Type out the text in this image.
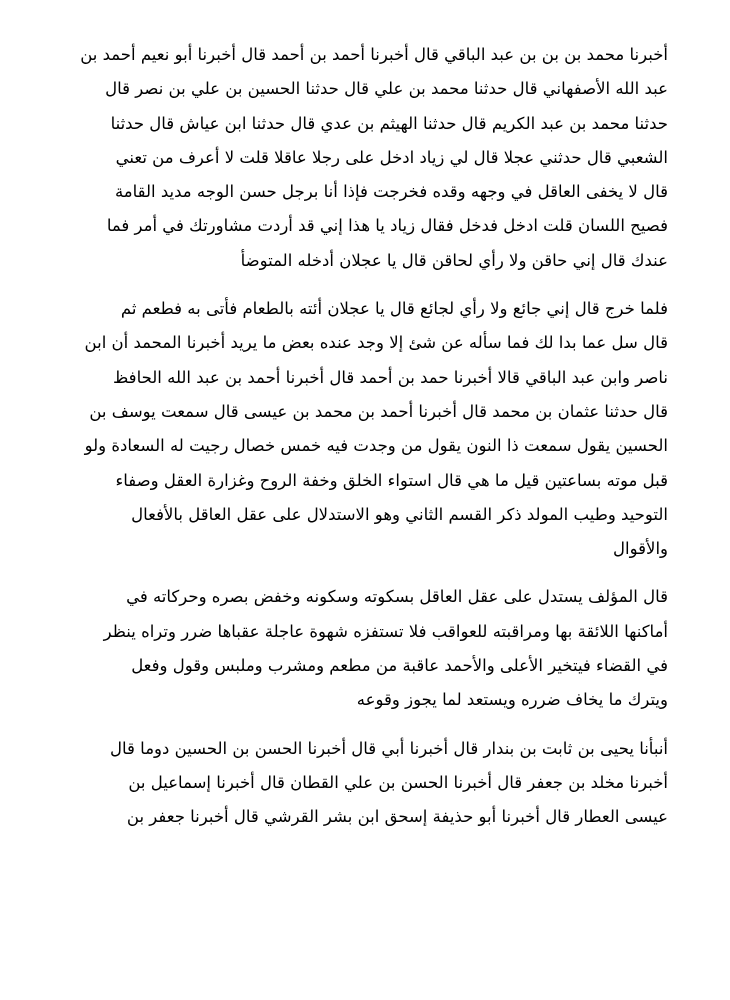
أخبرنا محمد بن بن بن عبد الباقي قال أخبرنا أحمد بن أحمد قال أخبرنا أبو نعيم أحمد بن
عبد الله الأصفهاني قال حدثنا محمد بن علي قال حدثنا الحسين بن علي بن نصر قال
حدثنا محمد بن عبد الكريم قال حدثنا الهيثم بن عدي قال حدثنا ابن عياش قال حدثنا
الشعبي قال حدثني عجلا قال لي زياد ادخل على رجلا عاقلا قلت لا أعرف من تعني
قال لا يخفى العاقل في وجهه وقده فخرجت فإذا أنا برجل حسن الوجه مديد القامة
فصيح اللسان قلت ادخل فدخل فقال زياد يا هذا إني قد أردت مشاورتك في أمر فما
عندك قال إني حاقن ولا رأي لحاقن قال يا عجلان أدخله المتوضأ

فلما خرج قال إني جائع ولا رأي لجائع قال يا عجلان أئته بالطعام فأتى به فطعم ثم
قال سل عما بدا لك فما سأله عن شئ إلا وجد عنده بعض ما يريد أخبرنا المحمد أن ابن
ناصر وابن عبد الباقي قالا أخبرنا حمد بن أحمد قال أخبرنا أحمد بن عبد الله الحافظ
قال حدثنا عثمان بن محمد قال أخبرنا أحمد بن محمد بن عيسى قال سمعت يوسف بن
الحسين يقول سمعت ذا النون يقول من وجدت فيه خمس خصال رجيت له السعادة ولو
قبل موته بساعتين قيل ما هي قال استواء الخلق وخفة الروح وغزارة العقل وصفاء
التوحيد وطيب المولد ذكر القسم الثاني وهو الاستدلال على عقل العاقل بالأفعال
والأقوال

قال المؤلف يستدل على عقل العاقل بسكوته وسكونه وخفض بصره وحركاته في
أماكنها اللائقة بها ومراقبته للعواقب فلا تستفزه شهوة عاجلة عقباها ضرر وتراه ينظر
في القضاء فيتخير الأعلى والأحمد عاقبة من مطعم ومشرب وملبس وقول وفعل
ويترك ما يخاف ضرره ويستعد لما يجوز وقوعه

أنبأنا يحيى بن ثابت بن بندار قال أخبرنا أبي قال أخبرنا الحسن بن الحسين دوما قال
أخبرنا مخلد بن جعفر قال أخبرنا الحسن بن علي القطان قال أخبرنا إسماعيل بن
عيسى العطار قال أخبرنا أبو حذيفة إسحق ابن بشر القرشي قال أخبرنا جعفر بن
